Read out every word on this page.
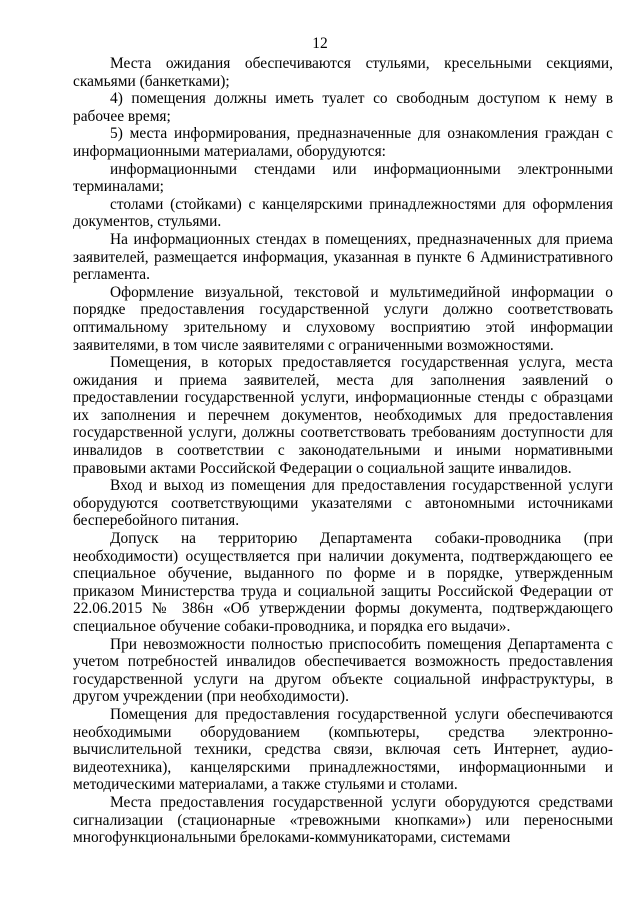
12

Места ожидания обеспечиваются стульями, кресельными секциями, скамьями (банкетками);

4) помещения должны иметь туалет со свободным доступом к нему в рабочее время;

5) места информирования, предназначенные для ознакомления граждан с информационными материалами, оборудуются:

информационными стендами или информационными электронными терминалами;

столами (стойками) с канцелярскими принадлежностями для оформления документов, стульями.

На информационных стендах в помещениях, предназначенных для приема заявителей, размещается информация, указанная в пункте 6 Административного регламента.

Оформление визуальной, текстовой и мультимедийной информации о порядке предоставления государственной услуги должно соответствовать оптимальному зрительному и слуховому восприятию этой информации заявителями, в том числе заявителями с ограниченными возможностями.

Помещения, в которых предоставляется государственная услуга, места ожидания и приема заявителей, места для заполнения заявлений о предоставлении государственной услуги, информационные стенды с образцами их заполнения и перечнем документов, необходимых для предоставления государственной услуги, должны соответствовать требованиям доступности для инвалидов в соответствии с законодательными и иными нормативными правовыми актами Российской Федерации о социальной защите инвалидов.

Вход и выход из помещения для предоставления государственной услуги оборудуются соответствующими указателями с автономными источниками бесперебойного питания.

Допуск на территорию Департамента собаки-проводника (при необходимости) осуществляется при наличии документа, подтверждающего ее специальное обучение, выданного по форме и в порядке, утвержденным приказом Министерства труда и социальной защиты Российской Федерации от 22.06.2015 № 386н «Об утверждении формы документа, подтверждающего специальное обучение собаки-проводника, и порядка его выдачи».

При невозможности полностью приспособить помещения Департамента с учетом потребностей инвалидов обеспечивается возможность предоставления государственной услуги на другом объекте социальной инфраструктуры, в другом учреждении (при необходимости).

Помещения для предоставления государственной услуги обеспечиваются необходимыми оборудованием (компьютеры, средства электронно-вычислительной техники, средства связи, включая сеть Интернет, аудио-видеотехника), канцелярскими принадлежностями, информационными и методическими материалами, а также стульями и столами.

Места предоставления государственной услуги оборудуются средствами сигнализации (стационарные «тревожными кнопками») или переносными многофункциональными брелоками-коммуникаторами, системами
